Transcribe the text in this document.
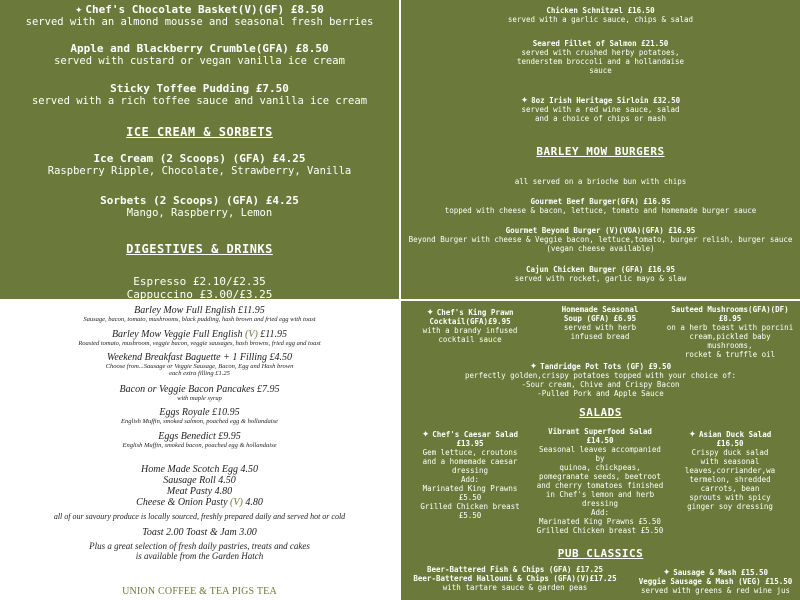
✦ Chef's Chocolate Basket(V)(GF) £8.50
served with an almond mousse and seasonal fresh berries
Apple and Blackberry Crumble(GFA) £8.50
served with custard or vegan vanilla ice cream
Sticky Toffee Pudding £7.50
served with a rich toffee sauce and vanilla ice cream
ICE CREAM & SORBETS
Ice Cream (2 Scoops) (GFA) £4.25
Raspberry Ripple, Chocolate, Strawberry, Vanilla
Sorbets (2 Scoops) (GFA) £4.25
Mango, Raspberry, Lemon
DIGESTIVES & DRINKS
Espresso £2.10/£2.35
Cappuccino £3.00/£3.25
Chicken Schnitzel £16.50
served with a garlic sauce, chips & salad
Seared Fillet of Salmon £21.50
served with crushed herby potatoes,
tenderstem broccoli and a hollandaise
sauce
✦ 8oz Irish Heritage Sirloin £32.50
served with a red wine sauce, salad
and a choice of chips or mash
BARLEY MOW BURGERS
all served on a brioche bun with chips
Gourmet Beef Burger(GFA) £16.95
topped with cheese & bacon, lettuce, tomato and homemade burger sauce
Gourmet Beyond Burger (V)(VOA)(GFA) £16.95
Beyond Burger with cheese & Veggie bacon, lettuce,tomato, burger relish, burger sauce
(vegan cheese available)
Cajun Chicken Burger (GFA) £16.95
served with rocket, garlic mayo & slaw
Barley Mow Full English £11.95
Sausage, bacon, tomato, mushrooms, black pudding, hash brown and fried egg with toast
Barley Mow Veggie Full English (V) £11.95
Roasted tomato, mushroom, veggie bacon, veggie sausages, hash browns, fried egg and toast
Weekend Breakfast Baguette + 1 Filling £4.50
Choose from...Sausage or Veggie Sausage, Bacon, Egg and Hash brown
each extra filling £1.25
Bacon or Veggie Bacon Pancakes £7.95
with maple syrup
Eggs Royale £10.95
English Muffin, smoked salmon, poached egg & hollandaise
Eggs Benedict £9.95
English Muffin, smoked bacon, poached egg & hollandaise
Home Made Scotch Egg 4.50
Sausage Roll 4.50
Meat Pasty 4.80
Cheese & Onion Pasty (V) 4.80
all of our savoury produce is locally sourced, freshly prepared daily and served hot or cold
Toast 2.00 Toast & Jam 3.00
Plus a great selection of fresh daily pastries, treats and cakes
is available from the Garden Hatch
UNION COFFEE & TEA PIGS TEA
✦ Chef's King Prawn
Cocktail(GFA)£9.95
with a brandy infused
cocktail sauce
Homemade Seasonal
Soup (GFA) £6.95
served with herb
infused bread
Sauteed Mushrooms(GFA)(DF)
£8.95
on a herb toast with porcini
cream,pickled baby mushrooms,
rocket & truffle oil
✦ Tandridge Pot Tots (GF) £9.50
perfectly golden,crispy potatoes topped with your choice of:
-Sour cream, Chive and Crispy Bacon
-Pulled Pork and Apple Sauce
SALADS
✦ Chef's Caesar Salad
£13.95
Gem lettuce, croutons
and a homemade caesar
dressing
Add:
Marinated King Prawns
£5.50
Grilled Chicken breast
£5.50
Vibrant Superfood Salad
£14.50
Seasonal leaves accompanied
by
quinoa, chickpeas,
pomegranate seeds, beetroot
and cherry tomatoes finished
in Chef's lemon and herb
dressing
Add:
Marinated King Prawns £5.50
Grilled Chicken breast £5.50
✦ Asian Duck Salad
£16.50
Crispy duck salad
with seasonal
leaves,corriander,wa
termelon, shredded
carrots, bean
sprouts with spicy
ginger soy dressing
PUB CLASSICS
Beer-Battered Fish & Chips (GFA) £17.25
Beer-Battered Halloumi & Chips (GFA)(V)£17.25
with tartare sauce & garden peas
✦ Sausage & Mash £15.50
Veggie Sausage & Mash (VEG) £15.50
served with greens & red wine jus
